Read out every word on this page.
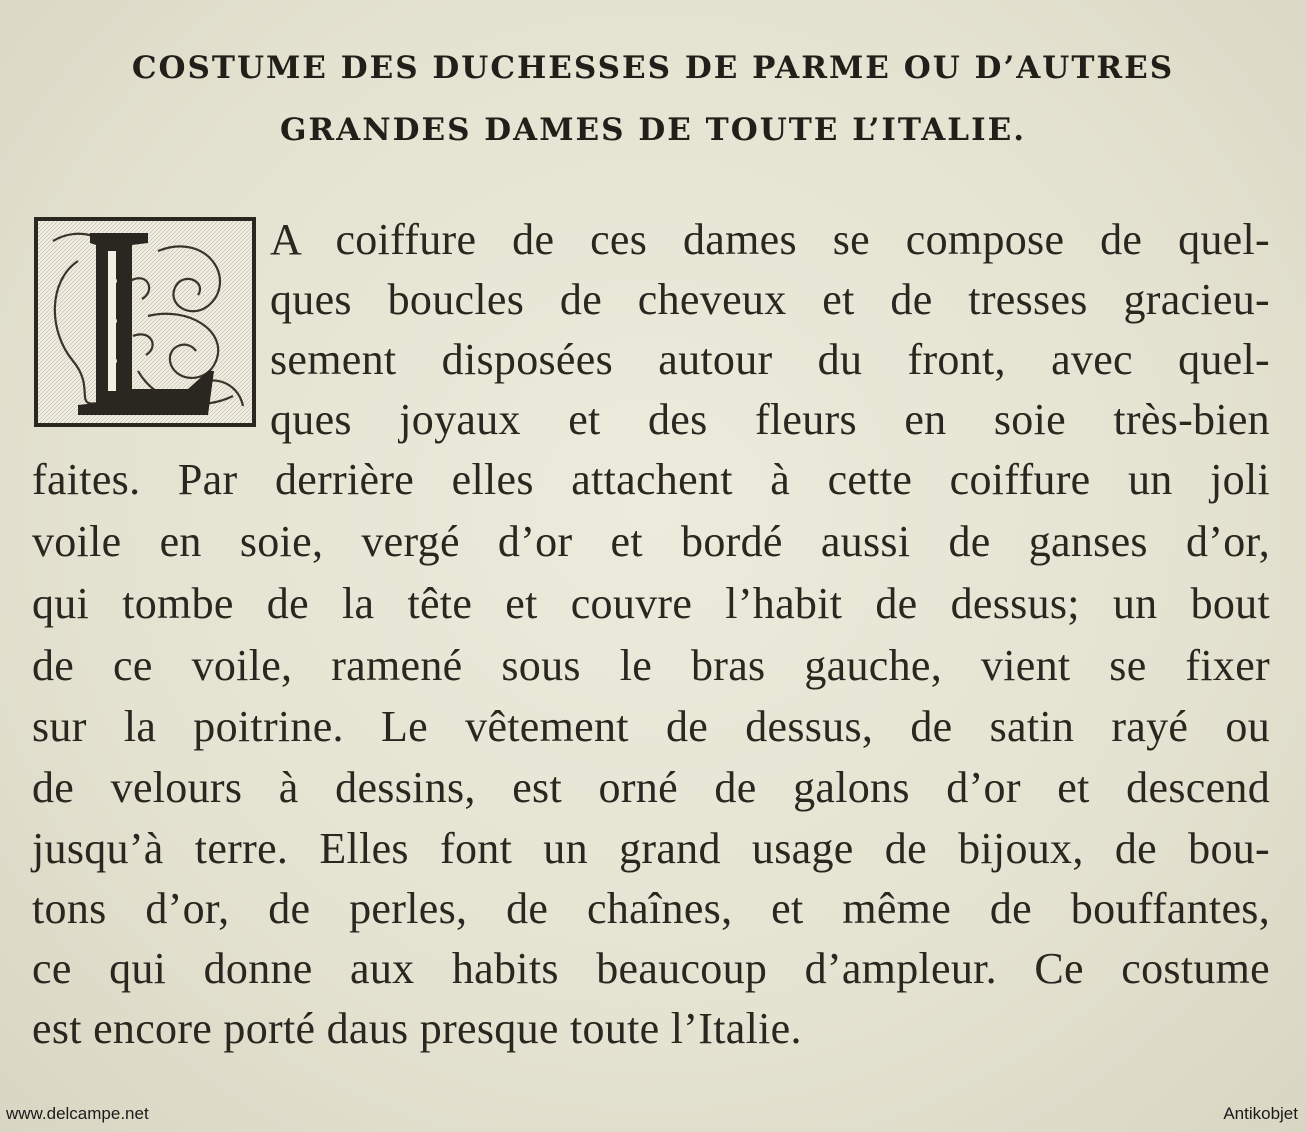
COSTUME DES DUCHESSES DE PARME OU D’AUTRES
GRANDES DAMES DE TOUTE L’ITALIE.
A coiffure de ces dames se compose de quel-
ques boucles de cheveux et de tresses gracieu-
sement disposées autour du front, avec quel-
ques joyaux et des fleurs en soie très-bien
faites. Par derrière elles attachent à cette coiffure un joli
voile en soie, vergé d’or et bordé aussi de ganses d’or,
qui tombe de la tête et couvre l’habit de dessus; un bout
de ce voile, ramené sous le bras gauche, vient se fixer
sur la poitrine. Le vêtement de dessus, de satin rayé ou
de velours à dessins, est orné de galons d’or et descend
jusqu’à terre. Elles font un grand usage de bijoux, de bou-
tons d’or, de perles, de chaînes, et même de bouffantes,
ce qui donne aux habits beaucoup d’ampleur. Ce costume
est encore porté daus presque toute l’Italie.
www.delcampe.net	Antikobjet
